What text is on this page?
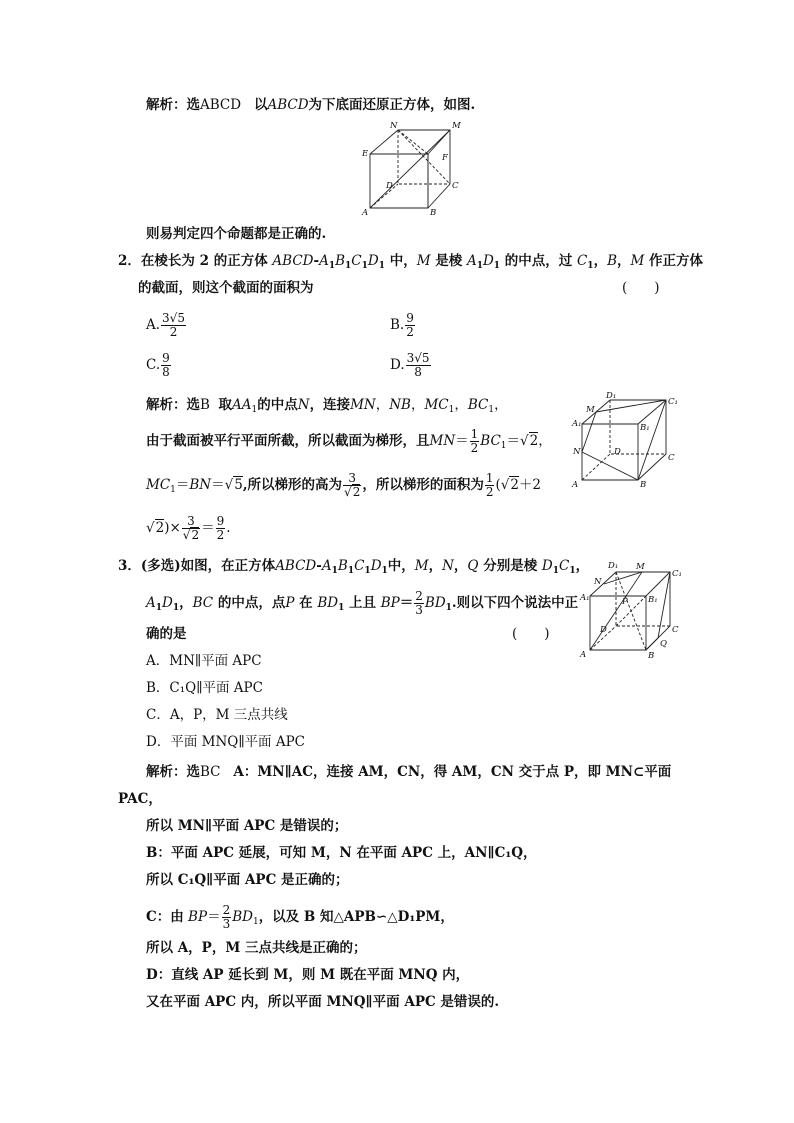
解析：选ABCD 以ABCD为下底面还原正方体，如图.
N	M
E	F
D	C
A	B
则易判定四个命题都是正确的.
2．在棱长为 2 的正方体 ABCD-$A_1B_1C_1D_1$ 中，M 是棱 $A_1D_1$ 的中点，过 $C_1$，B，M 作正方体
的截面，则这个截面的面积为	(　　)
A. $\frac{3√5}{2}$	B. $\frac{9}{2}$
C. $\frac{9}{8}$	D. $\frac{3√5}{8}$
解析：选B 取$AA_1$的中点N，连接MN，NB，$MC_1$，$BC_1$，
由于截面被平行平面所截，所以截面为梯形，且$MN= \frac{1}{2} BC_1=√2$，
$MC_1=BN=√5$,所以梯形的高为 $\frac{3}{√2}$ ，所以梯形的面积为 $\frac{1}{2} (√2+2$
$√2)\times \frac{3}{√2} = \frac{9}{2}$ .
D₁
C₁
M
B₁
A₁
N	D
C
A	B
3．(多选)如图，在正方体ABCD-$A_1B_1C_1D_1$中，M，N，Q 分别是棱 $D_1C_1$，
$A_1D_1$，BC 的中点，点P 在 $BD_1$ 上且 $BP= \frac{2}{3} BD_1$.则以下四个说法中正
确的是	(　　)
A．MN∥平面 APC
B．C₁Q∥平面 APC
C．A，P，M 三点共线
D．平面 MNQ∥平面 APC
D₁ M
C₁
N
A₁	B₁
P
D	C
A	B
Q
解析：选BC A：MN∥AC，连接 AM，CN，得 AM，CN 交于点 P，即 MN⊂平面
PAC，
所以 MN∥平面 APC 是错误的；
B：平面 APC 延展，可知 M，N 在平面 APC 上，AN∥C₁Q，
所以 C₁Q∥平面 APC 是正确的；
C：由 $BP= \frac{2}{3} BD_1$，以及 B 知△APB∽△D₁PM，
所以 A，P，M 三点共线是正确的；
D：直线 AP 延长到 M，则 M 既在平面 MNQ 内，
又在平面 APC 内，所以平面 MNQ∥平面 APC 是错误的.
